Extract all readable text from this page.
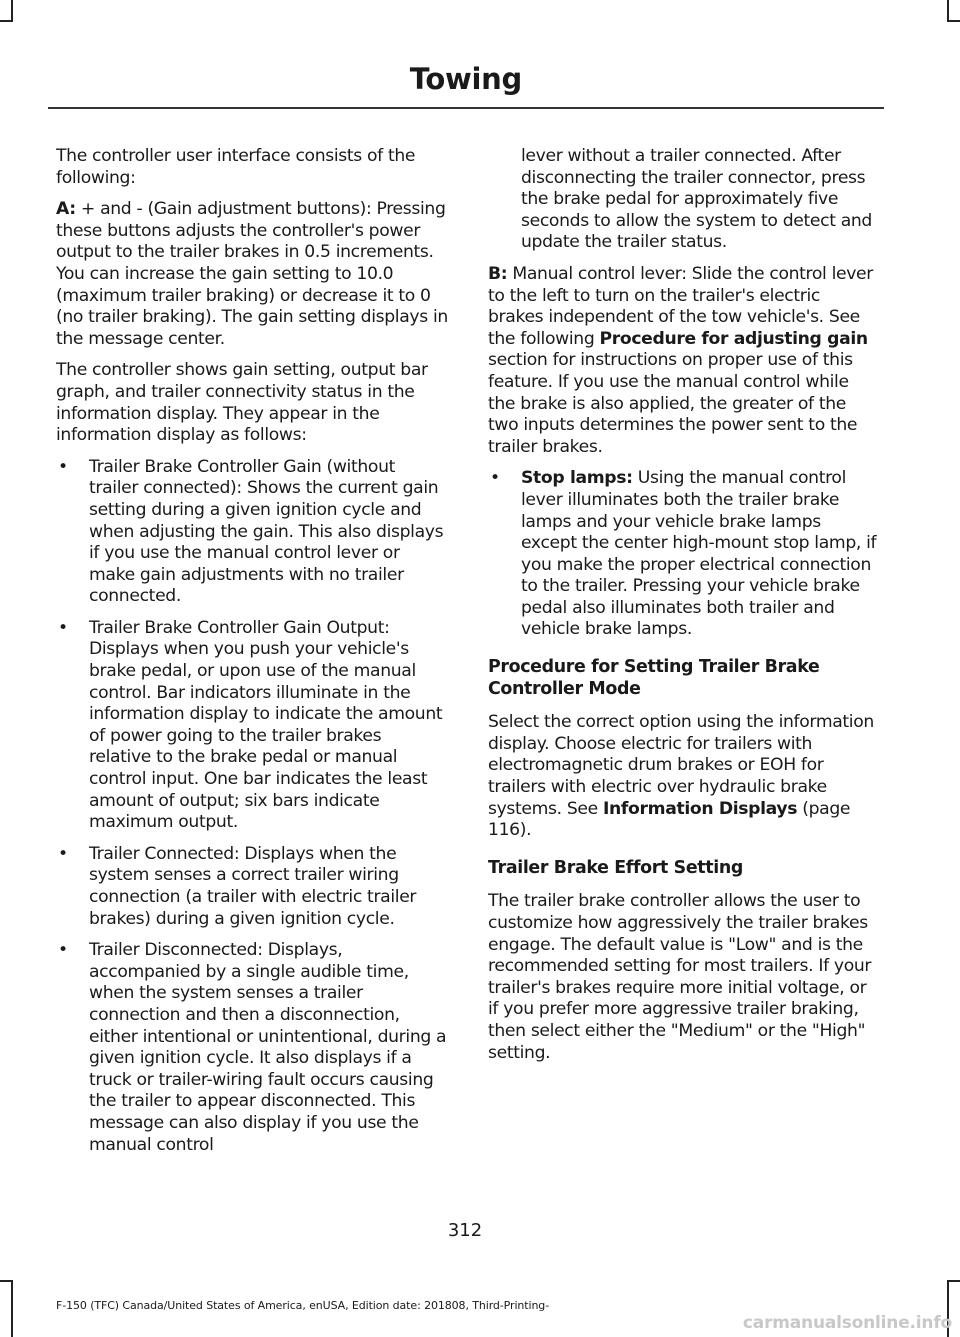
Towing

The controller user interface consists of the following:

A: + and - (Gain adjustment buttons): Pressing these buttons adjusts the controller's power output to the trailer brakes in 0.5 increments. You can increase the gain setting to 10.0 (maximum trailer braking) or decrease it to 0 (no trailer braking). The gain setting displays in the message center.

The controller shows gain setting, output bar graph, and trailer connectivity status in the information display. They appear in the information display as follows:

• Trailer Brake Controller Gain (without trailer connected): Shows the current gain setting during a given ignition cycle and when adjusting the gain. This also displays if you use the manual control lever or make gain adjustments with no trailer connected.
• Trailer Brake Controller Gain Output: Displays when you push your vehicle's brake pedal, or upon use of the manual control. Bar indicators illuminate in the information display to indicate the amount of power going to the trailer brakes relative to the brake pedal or manual control input. One bar indicates the least amount of output; six bars indicate maximum output.
• Trailer Connected: Displays when the system senses a correct trailer wiring connection (a trailer with electric trailer brakes) during a given ignition cycle.
• Trailer Disconnected: Displays, accompanied by a single audible time, when the system senses a trailer connection and then a disconnection, either intentional or unintentional, during a given ignition cycle. It also displays if a truck or trailer-wiring fault occurs causing the trailer to appear disconnected. This message can also display if you use the manual control

lever without a trailer connected. After disconnecting the trailer connector, press the brake pedal for approximately five seconds to allow the system to detect and update the trailer status.

B: Manual control lever: Slide the control lever to the left to turn on the trailer's electric brakes independent of the tow vehicle's. See the following Procedure for adjusting gain section for instructions on proper use of this feature. If you use the manual control while the brake is also applied, the greater of the two inputs determines the power sent to the trailer brakes.

• Stop lamps: Using the manual control lever illuminates both the trailer brake lamps and your vehicle brake lamps except the center high-mount stop lamp, if you make the proper electrical connection to the trailer. Pressing your vehicle brake pedal also illuminates both trailer and vehicle brake lamps.
Procedure for Setting Trailer Brake Controller Mode

Select the correct option using the information display. Choose electric for trailers with electromagnetic drum brakes or EOH for trailers with electric over hydraulic brake systems. See Information Displays (page 116).

Trailer Brake Effort Setting

The trailer brake controller allows the user to customize how aggressively the trailer brakes engage. The default value is "Low" and is the recommended setting for most trailers. If your trailer's brakes require more initial voltage, or if you prefer more aggressive trailer braking, then select either the "Medium" or the "High" setting.

312
F-150 (TFC) Canada/United States of America, enUSA, Edition date: 201808, Third-Printing-
carmanualsonline.info
